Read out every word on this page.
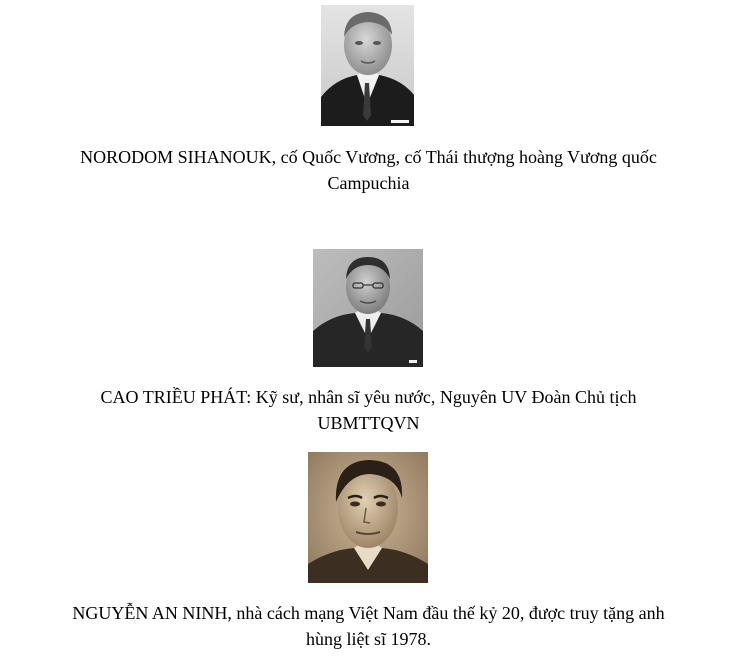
NORODOM SIHANOUK, cố Quốc Vương, cố Thái thượng hoàng Vương quốc
Campuchia

CAO TRIỀU PHÁT: Kỹ sư, nhân sĩ yêu nước, Nguyên UV Đoàn Chủ tịch
UBMTTQVN

NGUYỄN AN NINH, nhà cách mạng Việt Nam đầu thế kỷ 20, được truy tặng anh
hùng liệt sĩ 1978.
